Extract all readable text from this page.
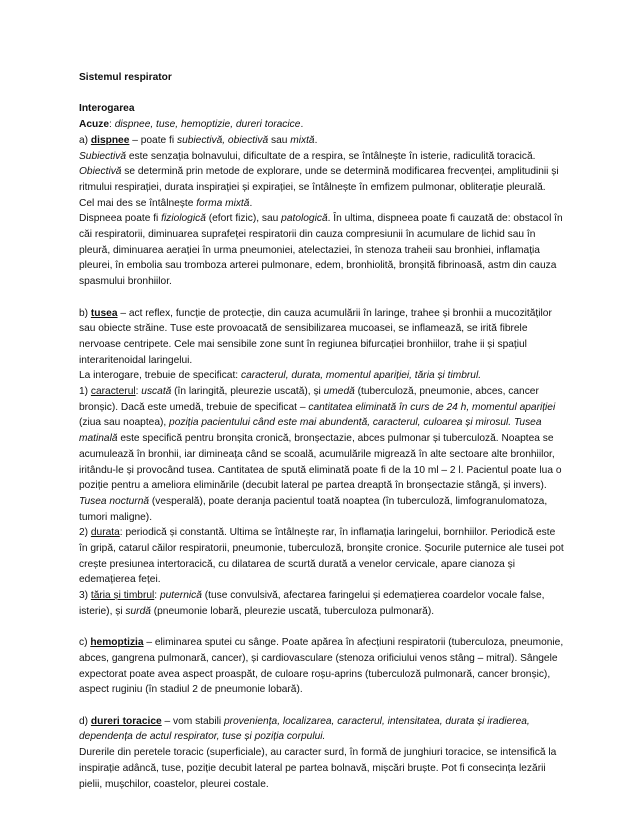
Sistemul respirator

Interogarea

Acuze: dispnee, tuse, hemoptizie, dureri toracice.

a) dispnee – poate fi subiectivă, obiectivă sau mixtă.

Subiectivă este senzația bolnavului, dificultate de a respira, se întâlnește în isterie, radiculită toracică.

Obiectivă se determină prin metode de explorare, unde se determină modificarea frecvenței, amplitudinii și ritmului respirației, durata inspirației și expirației, se întâlnește în emfizem pulmonar, obliterație pleurală.

Cel mai des se întâlnește forma mixtă.

Dispneea poate fi fiziologică (efort fizic), sau patologică. În ultima, dispneea poate fi cauzată de: obstacol în căi respiratorii, diminuarea suprafeței respiratorii din cauza compresiunii în acumulare de lichid sau în pleură, diminuarea aerației în urma pneumoniei, atelectaziei, în stenoza traheii sau bronhiei, inflamația pleurei, în embolia sau tromboza arterei pulmonare, edem, bronhiolită, bronșită fibrinoasă, astm din cauza spasmului bronhiilor.

b) tusea – act reflex, funcție de protecție, din cauza acumulării în laringe, trahee și bronhii a mucozităților sau obiecte străine. Tuse este provoacată de sensibilizarea mucoasei, se inflamează, se irită fibrele nervoase centripete. Cele mai sensibile zone sunt în regiunea bifurcației bronhiilor, trahe ii și spațiul interaritenoidal laringelui.

La interogare, trebuie de specificat: caracterul, durata, momentul apariției, tăria și timbrul.

1) caracterul: uscată (în laringită, pleurezie uscată), și umedă (tuberculoză, pneumonie, abces, cancer bronșic). Dacă este umedă, trebuie de specificat – cantitatea eliminată în curs de 24 h, momentul apariției (ziua sau noaptea), poziția pacientului când este mai abundentă, caracterul, culoarea și mirosul. Tusea matinală este specifică pentru bronșita cronică, bronșectazie, abces pulmonar și tuberculoză. Noaptea se acumulează în bronhii, iar dimineața când se scoală, acumulările migrează în alte sectoare alte bronhiilor, iritându-le și provocând tusea. Cantitatea de spută eliminată poate fi de la 10 ml – 2 l. Pacientul poate lua o poziție pentru a ameliora eliminările (decubit lateral pe partea dreaptă în bronșectazie stângă, și invers). Tusea nocturnă (vesperală), poate deranja pacientul toată noaptea (în tuberculoză, limfogranulomatoza, tumori maligne).

2) durata: periodică și constantă. Ultima se întâlnește rar, în inflamația laringelui, bornhiilor. Periodică este în gripă, catarul căilor respiratorii, pneumonie, tuberculoză, bronșite cronice. Șocurile puternice ale tusei pot crește presiunea intertoracică, cu dilatarea de scurtă durată a venelor cervicale, apare cianoza și edemațierea feței.

3) tăria și timbrul: puternică (tuse convulsivă, afectarea faringelui și edemațierea coardelor vocale false, isterie), și surdă (pneumonie lobară, pleurezie uscată, tuberculoza pulmonară).

c) hemoptizia – eliminarea sputei cu sânge. Poate apărea în afecțiuni respiratorii (tuberculoza, pneumonie, abces, gangrena pulmonară, cancer), și cardiovasculare (stenoza orificiului venos stâng – mitral). Sângele expectorat poate avea aspect proaspăt, de culoare roșu-aprins (tuberculoză pulmonară, cancer bronșic), aspect ruginiu (în stadiul 2 de pneumonie lobară).

d) dureri toracice – vom stabili proveniența, localizarea, caracterul, intensitatea, durata și iradierea, dependența de actul respirator, tuse și poziția corpului.

Durerile din peretele toracic (superficiale), au caracter surd, în formă de junghiuri toracice, se intensifică la inspirație adâncă, tuse, poziție decubit lateral pe partea bolnavă, mișcări bruște. Pot fi consecința lezării pielii, mușchilor, coastelor, pleurei costale.
